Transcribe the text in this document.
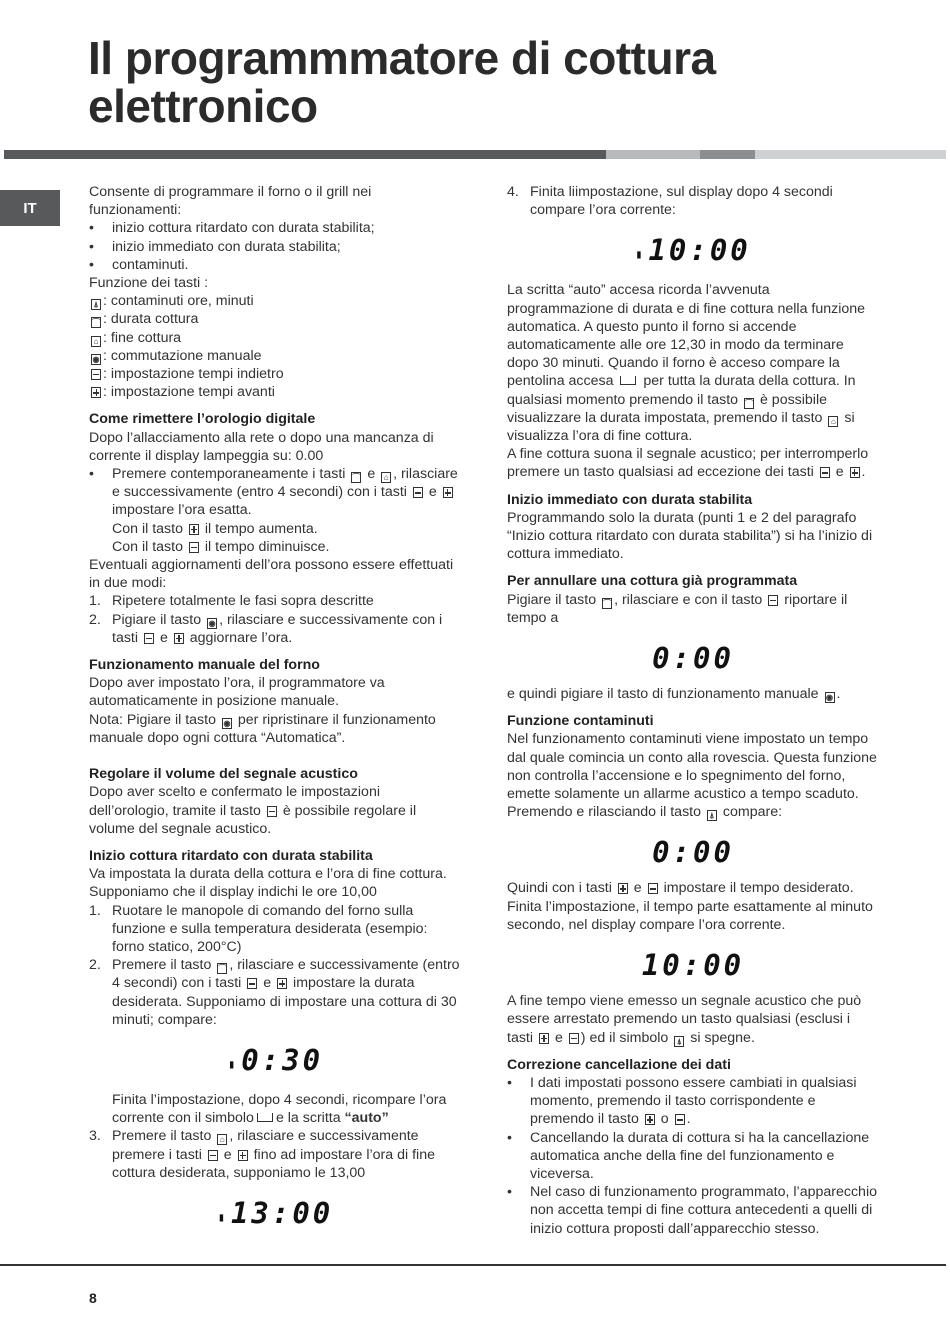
Il programmmatore di cottura
elettronico
IT

Consente di programmare il forno o il grill nei funzionamenti:

• inizio cottura ritardato con durata stabilita;

• inizio immediato con durata stabilita;

• contaminuti.

Funzione dei tasti :

⍋ : contaminuti ore, minuti

⌒ : durata cottura

⌂ : fine cottura

◉ : commutazione manuale

: impostazione tempi indietro

: impostazione tempi avanti

Come rimettere l’orologio digitale

Dopo l’allacciamento alla rete o dopo una mancanza di corrente il display lampeggia su: 0.00

• Premere contemporaneamente i tasti ⌒ e ⌂ , rilasciare e successivamente (entro 4 secondi) con i tasti e  impostare l’ora esatta.

Con il tasto il tempo aumenta.

Con il tasto il tempo diminuisce.

Eventuali aggiornamenti dell’ora possono essere effettuati in due modi:

1. Ripetere totalmente le fasi sopra descritte

2. Pigiare il tasto ◉ , rilasciare e successivamente con i tasti e aggiornare l’ora.

Funzionamento manuale del forno

Dopo aver impostato l’ora, il programmatore va automaticamente in posizione manuale.

Nota: Pigiare il tasto ◉ per ripristinare il funzionamento manuale dopo ogni cottura “Automatica”.

Regolare il volume del segnale acustico

Dopo aver scelto e confermato le impostazioni dell’orologio, tramite il tasto è possibile regolare il volume del segnale acustico.

Inizio cottura ritardato con durata stabilita

Va impostata la durata della cottura e l’ora di fine cottura. Supponiamo che il display indichi le ore 10,00

1. Ruotare le manopole di comando del forno sulla funzione e sulla temperatura desiderata (esempio: forno statico, 200°C)

2. Premere il tasto ⌒ , rilasciare e successivamente (entro 4 secondi) con i tasti e impostare la durata desiderata. Supponiamo di impostare una cottura di 30 minuti; compare:

▮ 0:30

Finita l’impostazione, dopo 4 secondi, ricompare l’ora corrente con il simbolo e la scritta “auto”

3. Premere il tasto ⌂ , rilasciare e successivamente premere i tasti e fino ad impostare l’ora di fine cottura desiderata, supponiamo le 13,00

▮ 13:00

4. Finita liimpostazione, sul display dopo 4 secondi compare l’ora corrente:

▮ 10:00

La scritta “auto” accesa ricorda l’avvenuta programmazione di durata e di fine cottura nella funzione automatica. A questo punto il forno si accende automaticamente alle ore 12,30 in modo da terminare dopo 30 minuti. Quando il forno è acceso compare la pentolina accesa per tutta la durata della cottura. In qualsiasi momento premendo il tasto ⌒ è possibile visualizzare la durata impostata, premendo il tasto ⌂ si visualizza l’ora di fine cottura.

A fine cottura suona il segnale acustico; per interromperlo premere un tasto qualsiasi ad eccezione dei tasti e .

Inizio immediato con durata stabilita

Programmando solo la durata (punti 1 e 2 del paragrafo “Inizio cottura ritardato con durata stabilita”) si ha l’inizio di cottura immediato.

Per annullare una cottura già programmata

Pigiare il tasto ⌒ , rilasciare e con il tasto riportare il tempo a

0:00

e quindi pigiare il tasto di funzionamento manuale ◉ .

Funzione contaminuti

Nel funzionamento contaminuti viene impostato un tempo dal quale comincia un conto alla rovescia. Questa funzione non controlla l’accensione e lo spegnimento del forno, emette solamente un allarme acustico a tempo scaduto.

Premendo e rilasciando il tasto ⍋ compare:

0:00

Quindi con i tasti e impostare il tempo desiderato. Finita l’impostazione, il tempo parte esattamente al minuto secondo, nel display compare l’ora corrente.

10:00

A fine tempo viene emesso un segnale acustico che può essere arrestato premendo un tasto qualsiasi (esclusi i tasti e ) ed il simbolo ⍋ si spegne.

Correzione cancellazione dei dati

• I dati impostati possono essere cambiati in qualsiasi momento, premendo il tasto corrispondente e premendo il tasto o .

• Cancellando la durata di cottura si ha la cancellazione automatica anche della fine del funzionamento e viceversa.

• Nel caso di funzionamento programmato, l’apparecchio non accetta tempi di fine cottura antecedenti a quelli di inizio cottura proposti dall’apparecchio stesso.

8
